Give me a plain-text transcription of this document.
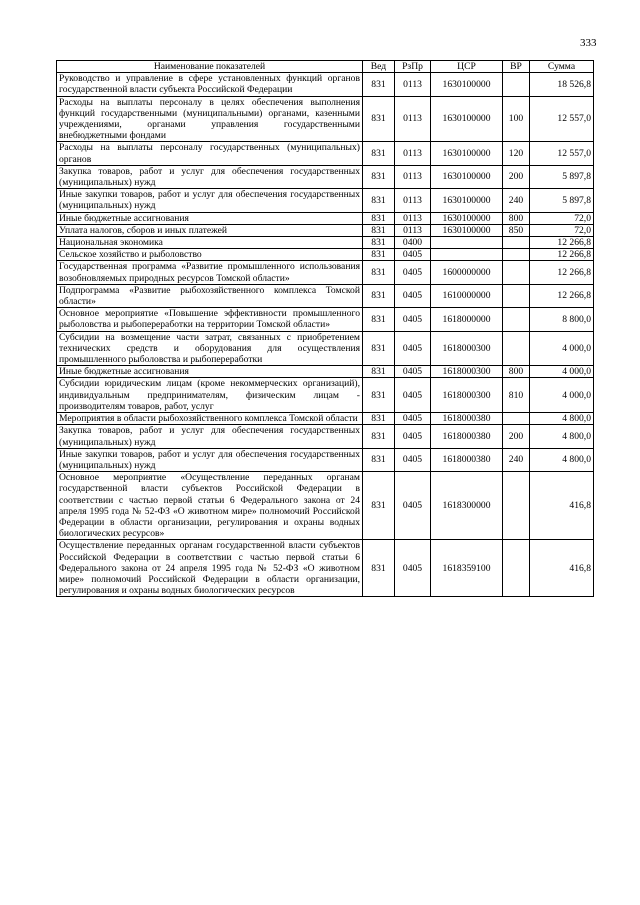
333
Наименование показателей	Вед	РзПр	ЦСР	ВР	Сумма
Руководство и управление в сфере установленных функций органов государственной власти субъекта Российской Федерации	831	0113	1630100000		18 526,8
Расходы на выплаты персоналу в целях обеспечения выполнения функций государственными (муниципальными) органами, казенными учреждениями, органами управления государственными внебюджетными фондами	831	0113	1630100000	100	12 557,0
Расходы на выплаты персоналу государственных (муниципальных) органов	831	0113	1630100000	120	12 557,0
Закупка товаров, работ и услуг для обеспечения государственных (муниципальных) нужд	831	0113	1630100000	200	5 897,8
Иные закупки товаров, работ и услуг для обеспечения государственных (муниципальных) нужд	831	0113	1630100000	240	5 897,8
Иные бюджетные ассигнования	831	0113	1630100000	800	72,0
Уплата налогов, сборов и иных платежей	831	0113	1630100000	850	72,0
Национальная экономика	831	0400			12 266,8
Сельское хозяйство и рыболовство	831	0405			12 266,8
Государственная программа «Развитие промышленного использования возобновляемых природных ресурсов Томской области»	831	0405	1600000000		12 266,8
Подпрограмма «Развитие рыбохозяйственного комплекса Томской области»	831	0405	1610000000		12 266,8
Основное мероприятие «Повышение эффективности промышленного рыболовства и рыбопереработки на территории Томской области»	831	0405	1618000000		8 800,0
Субсидии на возмещение части затрат, связанных с приобретением технических средств и оборудования для осуществления промышленного рыболовства и рыбопереработки	831	0405	1618000300		4 000,0
Иные бюджетные ассигнования	831	0405	1618000300	800	4 000,0
Субсидии юридическим лицам (кроме некоммерческих организаций), индивидуальным предпринимателям, физическим лицам - производителям товаров, работ, услуг	831	0405	1618000300	810	4 000,0
Мероприятия в области рыбохозяйственного комплекса Томской области	831	0405	1618000380		4 800,0
Закупка товаров, работ и услуг для обеспечения государственных (муниципальных) нужд	831	0405	1618000380	200	4 800,0
Иные закупки товаров, работ и услуг для обеспечения государственных (муниципальных) нужд	831	0405	1618000380	240	4 800,0
Основное мероприятие «Осуществление переданных органам государственной власти субъектов Российской Федерации в соответствии с частью первой статьи 6 Федерального закона от 24 апреля 1995 года № 52-ФЗ «О животном мире» полномочий Российской Федерации в области организации, регулирования и охраны водных биологических ресурсов»	831	0405	1618300000		416,8
Осуществление переданных органам государственной власти субъектов Российской Федерации в соответствии с частью первой статьи 6 Федерального закона от 24 апреля 1995 года № 52-ФЗ «О животном мире» полномочий Российской Федерации в области организации, регулирования и охраны водных биологических ресурсов	831	0405	1618359100		416,8
